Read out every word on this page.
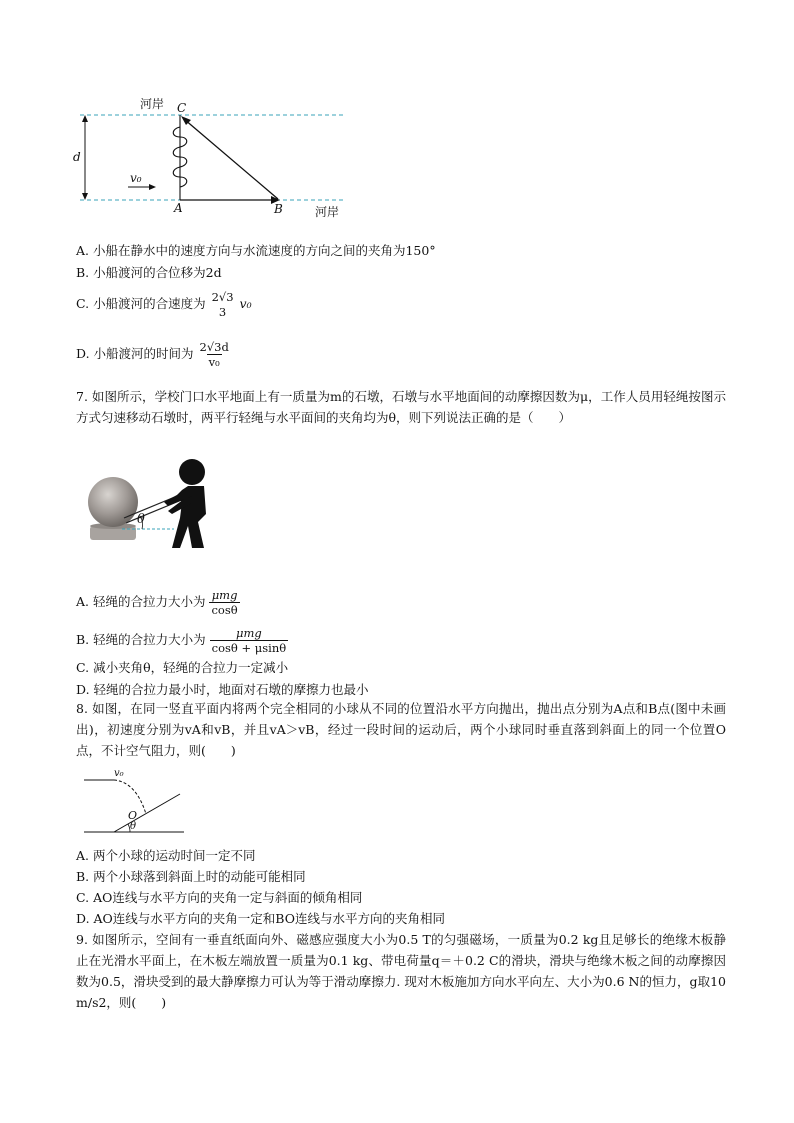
河岸
河岸
C
A	B
d
v₀
A. 小船在静水中的速度方向与水流速度的方向之间的夹角为150°
B. 小船渡河的合位移为2d
C. 小船渡河的合速度为 2√3
3
v₀
D. 小船渡河的时间为 $\frac{2√3d}{\text{v₀}}$
7. 如图所示，学校门口水平地面上有一质量为m的石墩，石墩与水平地面间的动摩擦因数为μ，工作人员用轻绳按图示方式匀速移动石墩时，两平行轻绳与水平面间的夹角均为θ，则下列说法正确的是（　　）
θ
A. 轻绳的合拉力大小为 $\frac{\text{μmg}}{\cos\theta}$
B. 轻绳的合拉力大小为 $\frac{\text{μmg}}{\cos\theta + \mu\sin\theta}$
C. 减小夹角θ，轻绳的合拉力一定减小
D. 轻绳的合拉力最小时，地面对石墩的摩擦力也最小
8. 如图，在同一竖直平面内将两个完全相同的小球从不同的位置沿水平方向抛出，抛出点分别为A点和B点(图中未画出)，初速度分别为vA和vB，并且vA＞vB，经过一段时间的运动后，两个小球同时垂直落到斜面上的同一个位置O点，不计空气阻力，则(　　)
v₀
O
θ
A. 两个小球的运动时间一定不同
B. 两个小球落到斜面上时的动能可能相同
C. AO连线与水平方向的夹角一定与斜面的倾角相同
D. AO连线与水平方向的夹角一定和BO连线与水平方向的夹角相同
9. 如图所示，空间有一垂直纸面向外、磁感应强度大小为0.5 T的匀强磁场，一质量为0.2 kg且足够长的绝缘木板静止在光滑水平面上，在木板左端放置一质量为0.1 kg、带电荷量q＝＋0.2 C的滑块，滑块与绝缘木板之间的动摩擦因数为0.5，滑块受到的最大静摩擦力可认为等于滑动摩擦力. 现对木板施加方向水平向左、大小为0.6 N的恒力，g取10 m/s2，则(　　)
